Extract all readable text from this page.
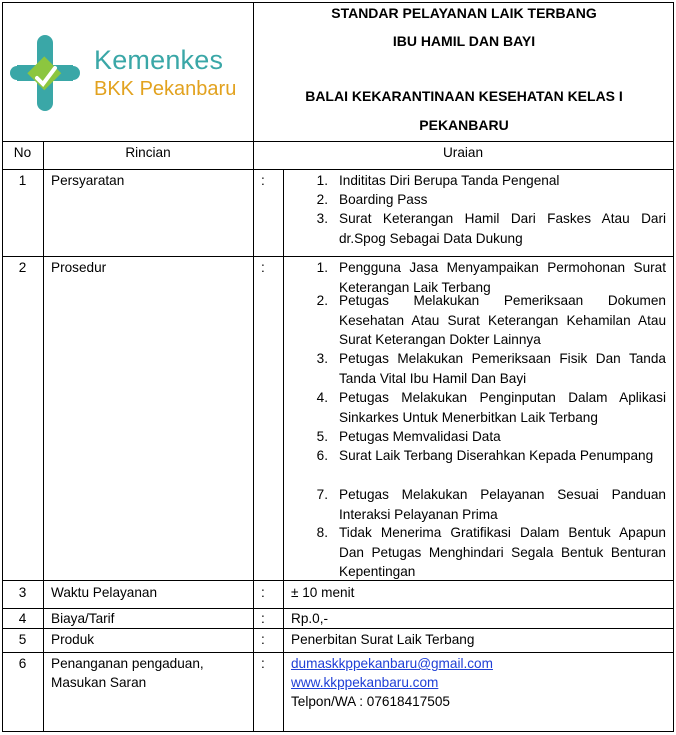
Kemenkes
BKK Pekanbaru
STANDAR PELAYANAN LAIK TERBANG
IBU HAMIL DAN BAYI
BALAI KEKARANTINAAN KESEHATAN KELAS I
PEKANBARU
No	Rincian	Uraian
1	Persyaratan	:	1. Indititas Diri Berupa Tanda Pengenal
2. Boarding Pass
3. Surat Keterangan Hamil Dari Faskes Atau Dari dr.Spog Sebagai Data Dukung
2	Prosedur	:	1. Pengguna Jasa Menyampaikan Permohonan Surat Keterangan Laik Terbang
2. Petugas Melakukan Pemeriksaan Dokumen Kesehatan Atau Surat Keterangan Kehamilan Atau Surat Keterangan Dokter Lainnya
3. Petugas Melakukan Pemeriksaan Fisik Dan Tanda Tanda Vital Ibu Hamil Dan Bayi
4. Petugas Melakukan Penginputan Dalam Aplikasi Sinkarkes Untuk Menerbitkan Laik Terbang
5. Petugas Memvalidasi Data
6. Surat Laik Terbang Diserahkan Kepada Penumpang
7. Petugas Melakukan Pelayanan Sesuai Panduan Interaksi Pelayanan Prima
8. Tidak Menerima Gratifikasi Dalam Bentuk Apapun Dan Petugas Menghindari Segala Bentuk Benturan Kepentingan
3	Waktu Pelayanan	: ± 10 menit
4	Biaya/Tarif	: Rp.0,-
5	Produk	: Penerbitan Surat Laik Terbang
6	Penanganan pengaduan,
Masukan Saran
: dumaskkppekanbaru@gmail.com
www.kkppekanbaru.com
Telpon/WA : 07618417505
